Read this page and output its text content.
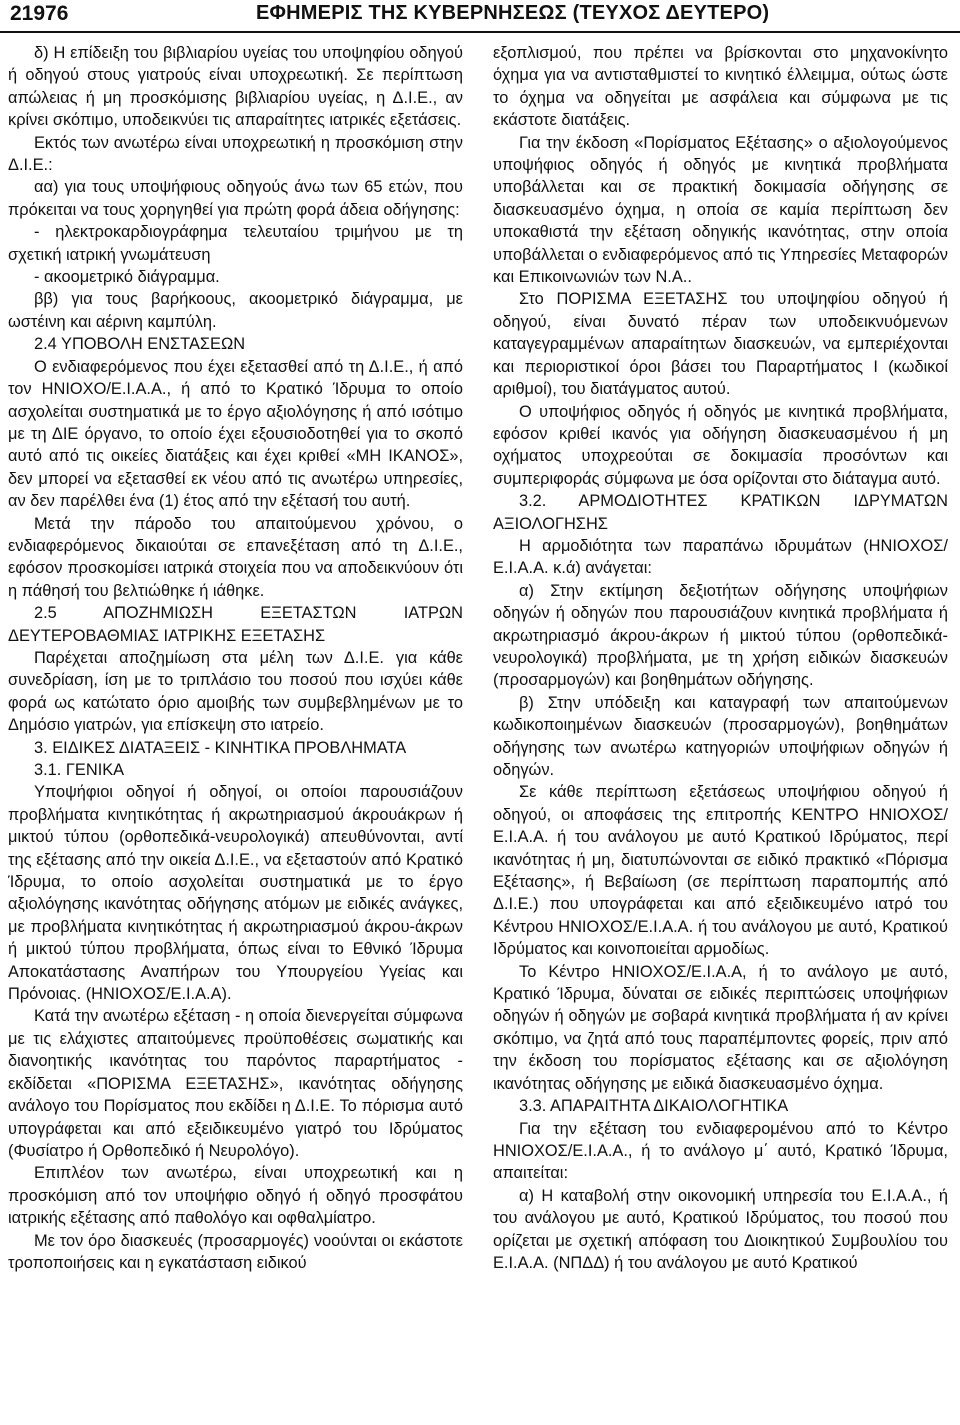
21976	ΕΦΗΜΕΡΙΣ ΤΗΣ ΚΥΒΕΡΝΗΣΕΩΣ (ΤΕΥΧΟΣ ΔΕΥΤΕΡΟ)

δ) Η επίδειξη του βιβλιαρίου υγείας του υποψηφίου οδηγού ή οδηγού στους γιατρούς είναι υποχρεωτική. Σε περίπτωση απώλειας ή μη προσκόμισης βιβλιαρίου υγείας, η Δ.Ι.Ε., αν κρίνει σκόπιμο, υποδεικνύει τις απαραίτητες ιατρικές εξετάσεις.

Εκτός των ανωτέρω είναι υποχρεωτική η προσκόμιση στην Δ.Ι.Ε.:

αα) για τους υποψήφιους οδηγούς άνω των 65 ετών, που πρόκειται να τους χορηγηθεί για πρώτη φορά άδεια οδήγησης:

- ηλεκτροκαρδιογράφημα τελευταίου τριμήνου με τη σχετική ιατρική γνωμάτευση

- ακοομετρικό διάγραμμα.

ββ) για τους βαρήκοους, ακοομετρικό διάγραμμα, με ωστέινη και αέρινη καμπύλη.

2.4 ΥΠΟΒΟΛΗ ΕΝΣΤΑΣΕΩΝ

Ο ενδιαφερόμενος που έχει εξετασθεί από τη Δ.Ι.Ε., ή από τον ΗΝΙΟΧΟ/Ε.Ι.Α.Α., ή από το Κρατικό Ίδρυμα το οποίο ασχολείται συστηματικά με το έργο αξιολόγησης ή από ισότιμο με τη ΔΙΕ όργανο, το οποίο έχει εξουσιοδοτηθεί για το σκοπό αυτό από τις οικείες διατάξεις και έχει κριθεί «ΜΗ ΙΚΑΝΟΣ», δεν μπορεί να εξετασθεί εκ νέου από τις ανωτέρω υπηρεσίες, αν δεν παρέλθει ένα (1) έτος από την εξέτασή του αυτή.

Μετά την πάροδο του απαιτούμενου χρόνου, ο ενδιαφερόμενος δικαιούται σε επανεξέταση από τη Δ.Ι.Ε., εφόσον προσκομίσει ιατρικά στοιχεία που να αποδεικνύουν ότι η πάθησή του βελτιώθηκε ή ιάθηκε.

2.5 ΑΠΟΖΗΜΙΩΣΗ ΕΞΕΤΑΣΤΩΝ ΙΑΤΡΩΝ ΔΕΥΤΕΡΟΒΑΘΜΙΑΣ ΙΑΤΡΙΚΗΣ ΕΞΕΤΑΣΗΣ

Παρέχεται αποζημίωση στα μέλη των Δ.Ι.Ε. για κάθε συνεδρίαση, ίση με το τριπλάσιο του ποσού που ισχύει κάθε φορά ως κατώτατο όριο αμοιβής των συμβεβλημένων με το Δημόσιο γιατρών, για επίσκεψη στο ιατρείο.

3. ΕΙΔΙΚΕΣ ΔΙΑΤΑΞΕΙΣ - ΚΙΝΗΤΙΚΑ ΠΡΟΒΛΗΜΑΤΑ

3.1. ΓΕΝΙΚΑ

Υποψήφιοι οδηγοί ή οδηγοί, οι οποίοι παρουσιάζουν προβλήματα κινητικότητας ή ακρωτηριασμού άκρουάκρων ή μικτού τύπου (ορθοπεδικά-νευρολογικά) απευθύνονται, αντί της εξέτασης από την οικεία Δ.Ι.Ε., να εξεταστούν από Κρατικό Ίδρυμα, το οποίο ασχολείται συστηματικά με το έργο αξιολόγησης ικανότητας οδήγησης ατόμων με ειδικές ανάγκες, με προβλήματα κινητικότητας ή ακρωτηριασμού άκρου-άκρων ή μικτού τύπου προβλήματα, όπως είναι το Εθνικό Ίδρυμα Αποκατάστασης Αναπήρων του Υπουργείου Υγείας και Πρόνοιας. (ΗΝΙΟΧΟΣ/Ε.Ι.Α.Α).

Κατά την ανωτέρω εξέταση - η οποία διενεργείται σύμφωνα με τις ελάχιστες απαιτούμενες προϋποθέσεις σωματικής και διανοητικής ικανότητας του παρόντος παραρτήματος - εκδίδεται «ΠΟΡΙΣΜΑ ΕΞΕΤΑΣΗΣ», ικανότητας οδήγησης ανάλογο του Πορίσματος που εκδίδει η Δ.Ι.Ε. Το πόρισμα αυτό υπογράφεται και από εξειδικευμένο γιατρό του Ιδρύματος (Φυσίατρο ή Ορθοπεδικό ή Νευρολόγο).

Επιπλέον των ανωτέρω, είναι υποχρεωτική και η προσκόμιση από τον υποψήφιο οδηγό ή οδηγό προσφάτου ιατρικής εξέτασης από παθολόγο και οφθαλμίατρο.

Με τον όρο διασκευές (προσαρμογές) νοούνται οι εκάστοτε τροποποιήσεις και η εγκατάσταση ειδικού

εξοπλισμού, που πρέπει να βρίσκονται στο μηχανοκίνητο όχημα για να αντισταθμιστεί το κινητικό έλλειμμα, ούτως ώστε το όχημα να οδηγείται με ασφάλεια και σύμφωνα με τις εκάστοτε διατάξεις.

Για την έκδοση «Πορίσματος Εξέτασης» ο αξιολογούμενος υποψήφιος οδηγός ή οδηγός με κινητικά προβλήματα υποβάλλεται και σε πρακτική δοκιμασία οδήγησης σε διασκευασμένο όχημα, η οποία σε καμία περίπτωση δεν υποκαθιστά την εξέταση οδηγικής ικανότητας, στην οποία υποβάλλεται ο ενδιαφερόμενος από τις Υπηρεσίες Μεταφορών και Επικοινωνιών των Ν.Α..

Στο ΠΟΡΙΣΜΑ ΕΞΕΤΑΣΗΣ του υποψηφίου οδηγού ή οδηγού, είναι δυνατό πέραν των υποδεικνυόμενων καταγεγραμμένων απαραίτητων διασκευών, να εμπεριέχονται και περιοριστικοί όροι βάσει του Παραρτήματος Ι (κωδικοί αριθμοί), του διατάγματος αυτού.

Ο υποψήφιος οδηγός ή οδηγός με κινητικά προβλήματα, εφόσον κριθεί ικανός για οδήγηση διασκευασμένου ή μη οχήματος υποχρεούται σε δοκιμασία προσόντων και συμπεριφοράς σύμφωνα με όσα ορίζονται στο διάταγμα αυτό.

3.2. ΑΡΜΟΔΙΟΤΗΤΕΣ ΚΡΑΤΙΚΩΝ ΙΔΡΥΜΑΤΩΝ ΑΞΙΟΛΟΓΗΣΗΣ

Η αρμοδιότητα των παραπάνω ιδρυμάτων (ΗΝΙΟΧΟΣ/ Ε.Ι.Α.Α. κ.ά) ανάγεται:

α) Στην εκτίμηση δεξιοτήτων οδήγησης υποψήφιων οδηγών ή οδηγών που παρουσιάζουν κινητικά προβλήματα ή ακρωτηριασμό άκρου-άκρων ή μικτού τύπου (ορθοπεδικά-νευρολογικά) προβλήματα, με τη χρήση ειδικών διασκευών (προσαρμογών) και βοηθημάτων οδήγησης.

β) Στην υπόδειξη και καταγραφή των απαιτούμενων κωδικοποιημένων διασκευών (προσαρμογών), βοηθημάτων οδήγησης των ανωτέρω κατηγοριών υποψήφιων οδηγών ή οδηγών.

Σε κάθε περίπτωση εξετάσεως υποψήφιου οδηγού ή οδηγού, οι αποφάσεις της επιτροπής ΚΕΝΤΡΟ ΗΝΙΟΧΟΣ/Ε.Ι.Α.Α. ή του ανάλογου με αυτό Κρατικού Ιδρύματος, περί ικανότητας ή μη, διατυπώνονται σε ειδικό πρακτικό «Πόρισμα Εξέτασης», ή Βεβαίωση (σε περίπτωση παραπομπής από Δ.Ι.Ε.) που υπογράφεται και από εξειδικευμένο ιατρό του Κέντρου ΗΝΙΟΧΟΣ/Ε.Ι.Α.Α. ή του ανάλογου με αυτό, Κρατικού Ιδρύματος και κοινοποιείται αρμοδίως.

Το Κέντρο ΗΝΙΟΧΟΣ/Ε.Ι.Α.Α, ή το ανάλογο με αυτό, Κρατικό Ίδρυμα, δύναται σε ειδικές περιπτώσεις υποψήφιων οδηγών ή οδηγών με σοβαρά κινητικά προβλήματα ή αν κρίνει σκόπιμο, να ζητά από τους παραπέμποντες φορείς, πριν από την έκδοση του πορίσματος εξέτασης και σε αξιολόγηση ικανότητας οδήγησης με ειδικά διασκευασμένο όχημα.

3.3. ΑΠΑΡΑΙΤΗΤΑ ΔΙΚΑΙΟΛΟΓΗΤΙΚΑ

Για την εξέταση του ενδιαφερομένου από το Κέντρο ΗΝΙΟΧΟΣ/Ε.Ι.Α.Α., ή το ανάλογο μ΄ αυτό, Κρατικό Ίδρυμα, απαιτείται:

α) Η καταβολή στην οικονομική υπηρεσία του Ε.Ι.Α.Α., ή του ανάλογου με αυτό, Κρατικού Ιδρύματος, του ποσού που ορίζεται με σχετική απόφαση του Διοικητικού Συμβουλίου του Ε.Ι.Α.Α. (ΝΠΔΔ) ή του ανάλογου με αυτό Κρατικού
